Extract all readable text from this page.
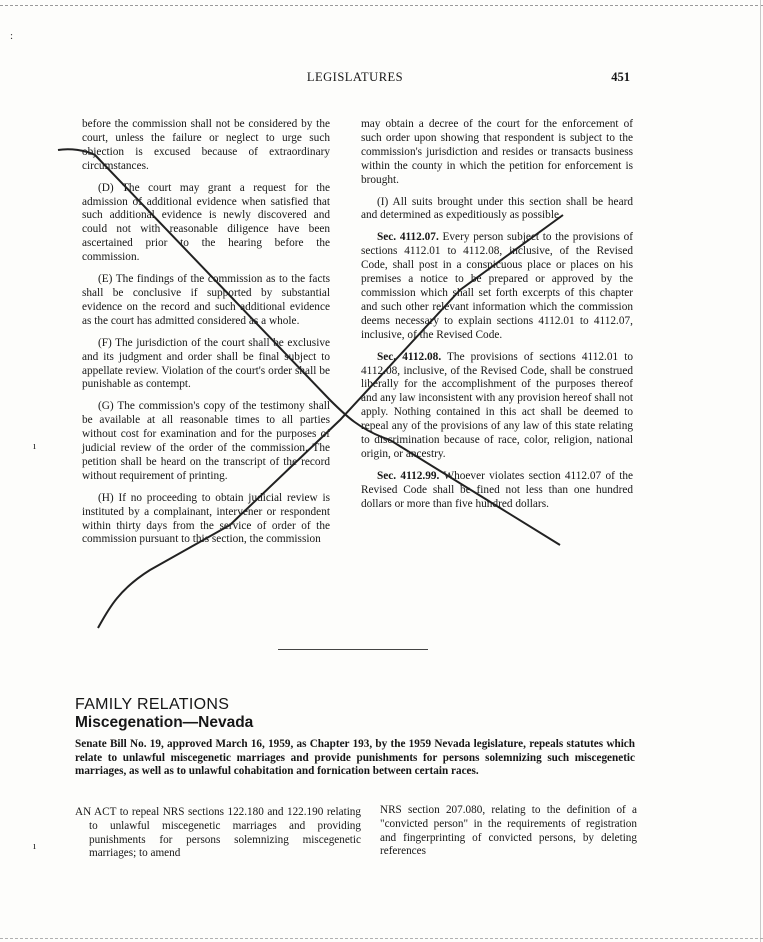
:
ı
ı
LEGISLATURES	451

before the commission shall not be considered by the court, unless the failure or neglect to urge such objection is excused because of extraordinary circumstances.

(D) The court may grant a request for the admission of additional evidence when satisfied that such additional evidence is newly discovered and could not with reasonable diligence have been ascertained prior to the hearing before the commission.

(E) The findings of the commission as to the facts shall be conclusive if supported by substantial evidence on the record and such additional evidence as the court has admitted considered as a whole.

(F) The jurisdiction of the court shall be exclusive and its judgment and order shall be final subject to appellate review. Violation of the court's order shall be punishable as contempt.

(G) The commission's copy of the testimony shall be available at all reasonable times to all parties without cost for examination and for the purposes of judicial review of the order of the commission. The petition shall be heard on the transcript of the record without requirement of printing.

(H) If no proceeding to obtain judicial review is instituted by a complainant, intervener or respondent within thirty days from the service of order of the commission pursuant to this section, the commission

may obtain a decree of the court for the enforcement of such order upon showing that respondent is subject to the commission's jurisdiction and resides or transacts business within the county in which the petition for enforcement is brought.

(I) All suits brought under this section shall be heard and determined as expeditiously as possible.

Sec. 4112.07. Every person subject to the provisions of sections 4112.01 to 4112.08, inclusive, of the Revised Code, shall post in a conspicuous place or places on his premises a notice to be prepared or approved by the commission which shall set forth excerpts of this chapter and such other relevant information which the commission deems necessary to explain sections 4112.01 to 4112.07, inclusive, of the Revised Code.

Sec. 4112.08. The provisions of sections 4112.01 to 4112.08, inclusive, of the Revised Code, shall be construed liberally for the accomplishment of the purposes thereof and any law inconsistent with any provision hereof shall not apply. Nothing contained in this act shall be deemed to repeal any of the provisions of any law of this state relating to discrimination because of race, color, religion, national origin, or ancestry.

Sec. 4112.99. Whoever violates section 4112.07 of the Revised Code shall be fined not less than one hundred dollars or more than five hundred dollars.

FAMILY RELATIONS
Miscegenation—Nevada
Senate Bill No. 19, approved March 16, 1959, as Chapter 193, by the 1959 Nevada legislature, repeals statutes which relate to unlawful miscegenetic marriages and provide punishments for persons solemnizing such miscegenetic marriages, as well as to unlawful cohabitation and fornication between certain races.
AN ACT to repeal NRS sections 122.180 and 122.190 relating to unlawful miscegenetic marriages and providing punishments for persons solemnizing miscegenetic marriages; to amend
NRS section 207.080, relating to the definition of a "convicted person" in the requirements of registration and fingerprinting of convicted persons, by deleting references
